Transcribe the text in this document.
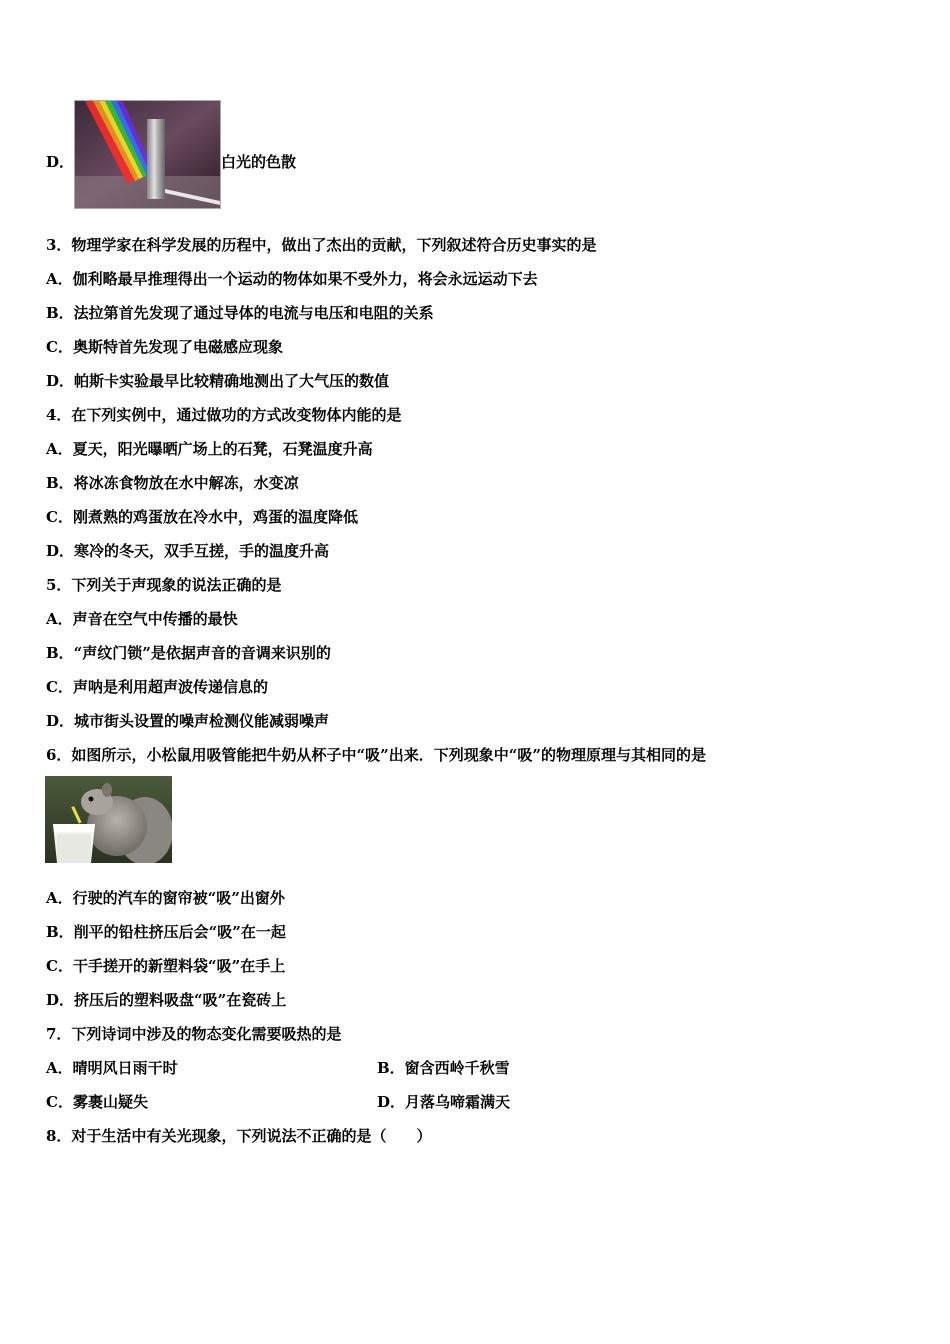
D．	白光的色散
3．物理学家在科学发展的历程中，做出了杰出的贡献，下列叙述符合历史事实的是
A．伽利略最早推理得出一个运动的物体如果不受外力，将会永远运动下去
B．法拉第首先发现了通过导体的电流与电压和电阻的关系
C．奥斯特首先发现了电磁感应现象
D．帕斯卡实验最早比较精确地测出了大气压的数值
4．在下列实例中，通过做功的方式改变物体内能的是
A．夏天，阳光曝晒广场上的石凳，石凳温度升高
B．将冰冻食物放在水中解冻，水变凉
C．刚煮熟的鸡蛋放在冷水中，鸡蛋的温度降低
D．寒冷的冬天，双手互搓，手的温度升高
5．下列关于声现象的说法正确的是
A．声音在空气中传播的最快
B．“声纹门锁”是依据声音的音调来识别的
C．声呐是利用超声波传递信息的
D．城市街头设置的噪声检测仪能减弱噪声
6．如图所示，小松鼠用吸管能把牛奶从杯子中“吸”出来．下列现象中“吸”的物理原理与其相同的是
A．行驶的汽车的窗帘被“吸”出窗外
B．削平的铅柱挤压后会“吸”在一起
C．干手搓开的新塑料袋“吸”在手上
D．挤压后的塑料吸盘“吸”在瓷砖上
7．下列诗词中涉及的物态变化需要吸热的是
A．晴明风日雨干时	B．窗含西岭千秋雪
C．雾裹山疑失	D．月落乌啼霜满天
8．对于生活中有关光现象，下列说法不正确的是（　　）
